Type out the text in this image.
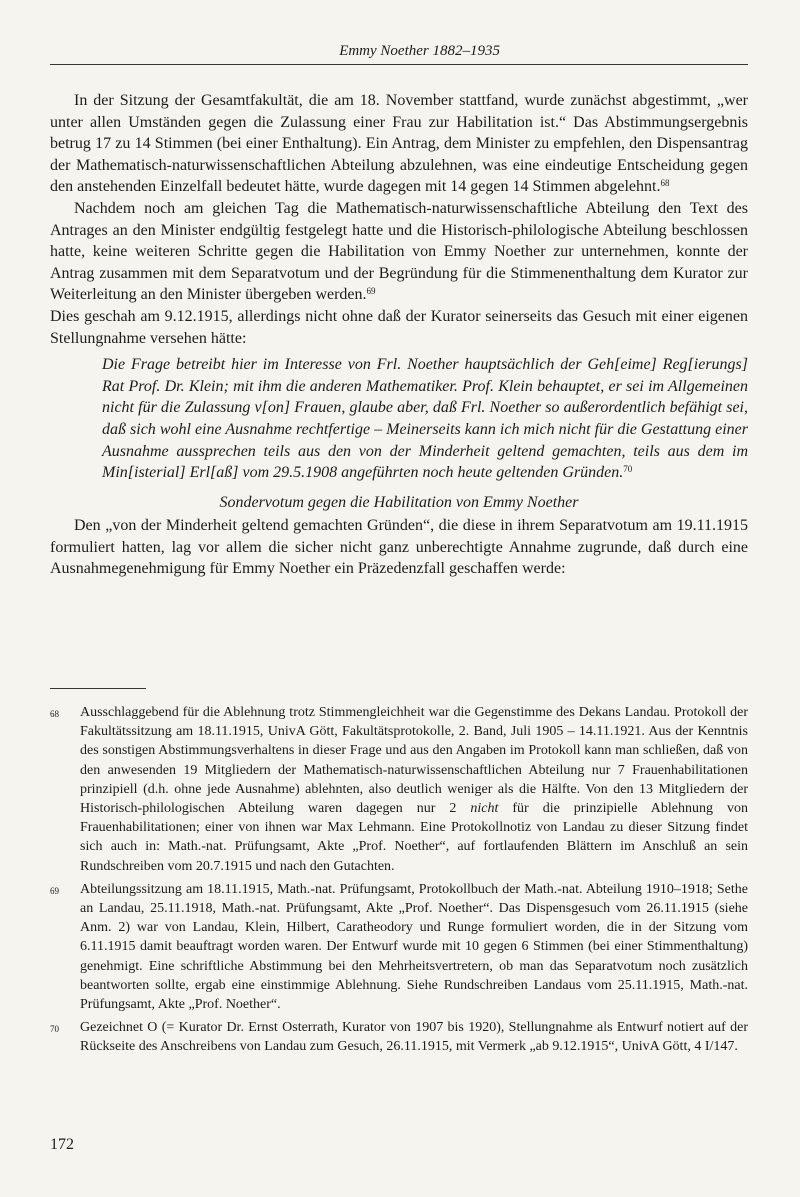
Emmy Noether 1882–1935

In der Sitzung der Gesamtfakultät, die am 18. November stattfand, wurde zunächst abgestimmt, „wer unter allen Umständen gegen die Zulassung einer Frau zur Habilitation ist.“ Das Abstimmungsergebnis betrug 17 zu 14 Stimmen (bei einer Enthaltung). Ein Antrag, dem Minister zu empfehlen, den Dispensantrag der Mathematisch-naturwissenschaftlichen Abteilung abzulehnen, was eine eindeutige Entscheidung gegen den anstehenden Einzelfall bedeutet hätte, wurde dagegen mit 14 gegen 14 Stimmen abgelehnt.$^{68}$

Nachdem noch am gleichen Tag die Mathematisch-naturwissenschaftliche Abteilung den Text des Antrages an den Minister endgültig festgelegt hatte und die Historisch-philologische Abteilung beschlossen hatte, keine weiteren Schritte gegen die Habilitation von Emmy Noether zur unternehmen, konnte der Antrag zusammen mit dem Separatvotum und der Begründung für die Stimmenenthaltung dem Kurator zur Weiterleitung an den Minister übergeben werden.$^{69}$

Dies geschah am 9.12.1915, allerdings nicht ohne daß der Kurator seinerseits das Gesuch mit einer eigenen Stellungnahme versehen hätte:

Die Frage betreibt hier im Interesse von Frl. Noether hauptsächlich der Geh[eime] Reg[ierungs] Rat Prof. Dr. Klein; mit ihm die anderen Mathematiker. Prof. Klein behauptet, er sei im Allgemeinen nicht für die Zulassung v[on] Frauen, glaube aber, daß Frl. Noether so außerordentlich befähigt sei, daß sich wohl eine Ausnahme rechtfertige – Meinerseits kann ich mich nicht für die Gestattung einer Ausnahme aussprechen teils aus den von der Minderheit geltend gemachten, teils aus dem im Min[isterial] Erl[aß] vom 29.5.1908 angeführten noch heute geltenden Gründen.$^{70}$
Sondervotum gegen die Habilitation von Emmy Noether

Den „von der Minderheit geltend gemachten Gründen“, die diese in ihrem Separatvotum am 19.11.1915 formuliert hatten, lag vor allem die sicher nicht ganz unberechtigte Annahme zugrunde, daß durch eine Ausnahmegenehmigung für Emmy Noether ein Präzedenzfall geschaffen werde:

68 Ausschlaggebend für die Ablehnung trotz Stimmengleichheit war die Gegenstimme des Dekans Landau. Protokoll der Fakultätssitzung am 18.11.1915, UnivA Gött, Fakultätsprotokolle, 2. Band, Juli 1905 – 14.11.1921. Aus der Kenntnis des sonstigen Abstimmungsverhaltens in dieser Frage und aus den Angaben im Protokoll kann man schließen, daß von den anwesenden 19 Mitgliedern der Mathematisch-naturwissenschaftlichen Abteilung nur 7 Frauenhabilitationen prinzipiell (d.h. ohne jede Ausnahme) ablehnten, also deutlich weniger als die Hälfte. Von den 13 Mitgliedern der Historisch-philologischen Abteilung waren dagegen nur 2 nicht für die prinzipielle Ablehnung von Frauenhabilitationen; einer von ihnen war Max Lehmann. Eine Protokollnotiz von Landau zu dieser Sitzung findet sich auch in: Math.-nat. Prüfungsamt, Akte „Prof. Noether“, auf fortlaufenden Blättern im Anschluß an sein Rundschreiben vom 20.7.1915 und nach den Gutachten.
69 Abteilungssitzung am 18.11.1915, Math.-nat. Prüfungsamt, Protokollbuch der Math.-nat. Abteilung 1910–1918; Sethe an Landau, 25.11.1918, Math.-nat. Prüfungsamt, Akte „Prof. Noether“. Das Dispensgesuch vom 26.11.1915 (siehe Anm. 2) war von Landau, Klein, Hilbert, Caratheodory und Runge formuliert worden, die in der Sitzung vom 6.11.1915 damit beauftragt worden waren. Der Entwurf wurde mit 10 gegen 6 Stimmen (bei einer Stimmenthaltung) genehmigt. Eine schriftliche Abstimmung bei den Mehrheitsvertretern, ob man das Separatvotum noch zusätzlich beantworten sollte, ergab eine einstimmige Ablehnung. Siehe Rundschreiben Landaus vom 25.11.1915, Math.-nat. Prüfungsamt, Akte „Prof. Noether“.
70 Gezeichnet O (= Kurator Dr. Ernst Osterrath, Kurator von 1907 bis 1920), Stellungnahme als Entwurf notiert auf der Rückseite des Anschreibens von Landau zum Gesuch, 26.11.1915, mit Vermerk „ab 9.12.1915“, UnivA Gött, 4 I/147.
172
